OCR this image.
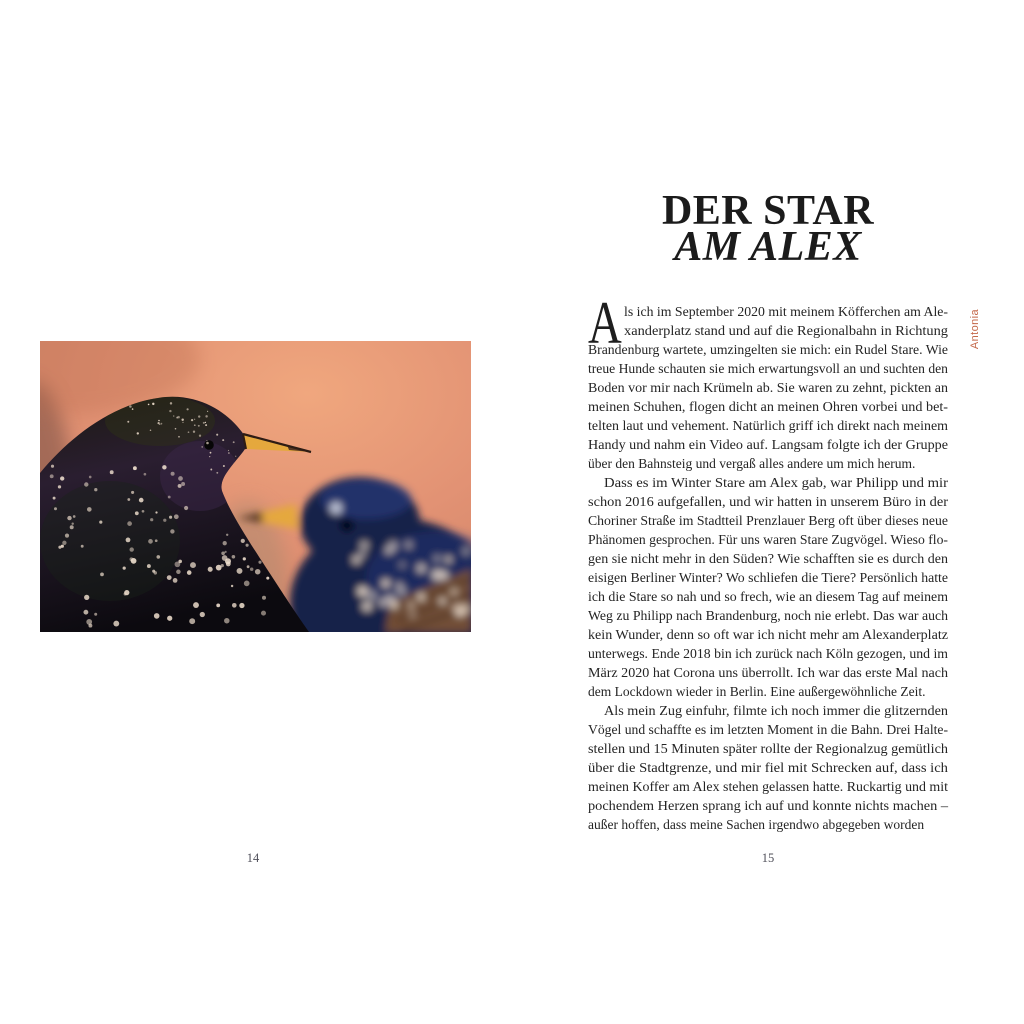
DER STAR
AM ALEX
A ls ich im September 2020 mit meinem Köfferchen am Ale-
xanderplatz stand und auf die Regionalbahn in Richtung
Brandenburg wartete, umzingelten sie mich: ein Rudel Stare. Wie
treue Hunde schauten sie mich erwartungsvoll an und suchten den
Boden vor mir nach Krümeln ab. Sie waren zu zehnt, pickten an
meinen Schuhen, flogen dicht an meinen Ohren vorbei und bet-
telten laut und vehement. Natürlich griff ich direkt nach meinem
Handy und nahm ein Video auf. Langsam folgte ich der Gruppe
über den Bahnsteig und vergaß alles andere um mich herum.
Dass es im Winter Stare am Alex gab, war Philipp und mir
schon 2016 aufgefallen, und wir hatten in unserem Büro in der
Choriner Straße im Stadtteil Prenzlauer Berg oft über dieses neue
Phänomen gesprochen. Für uns waren Stare Zugvögel. Wieso flo-
gen sie nicht mehr in den Süden? Wie schafften sie es durch den
eisigen Berliner Winter? Wo schliefen die Tiere? Persönlich hatte
ich die Stare so nah und so frech, wie an diesem Tag auf meinem
Weg zu Philipp nach Brandenburg, noch nie erlebt. Das war auch
kein Wunder, denn so oft war ich nicht mehr am Alexanderplatz
unterwegs. Ende 2018 bin ich zurück nach Köln gezogen, und im
März 2020 hat Corona uns überrollt. Ich war das erste Mal nach
dem Lockdown wieder in Berlin. Eine außergewöhnliche Zeit.
Als mein Zug einfuhr, filmte ich noch immer die glitzernden
Vögel und schaffte es im letzten Moment in die Bahn. Drei Halte-
stellen und 15 Minuten später rollte der Regionalzug gemütlich
über die Stadtgrenze, und mir fiel mit Schrecken auf, dass ich
meinen Koffer am Alex stehen gelassen hatte. Ruckartig und mit
pochendem Herzen sprang ich auf und konnte nichts machen –
außer hoffen, dass meine Sachen irgendwo abgegeben worden
14	15
Antonia
